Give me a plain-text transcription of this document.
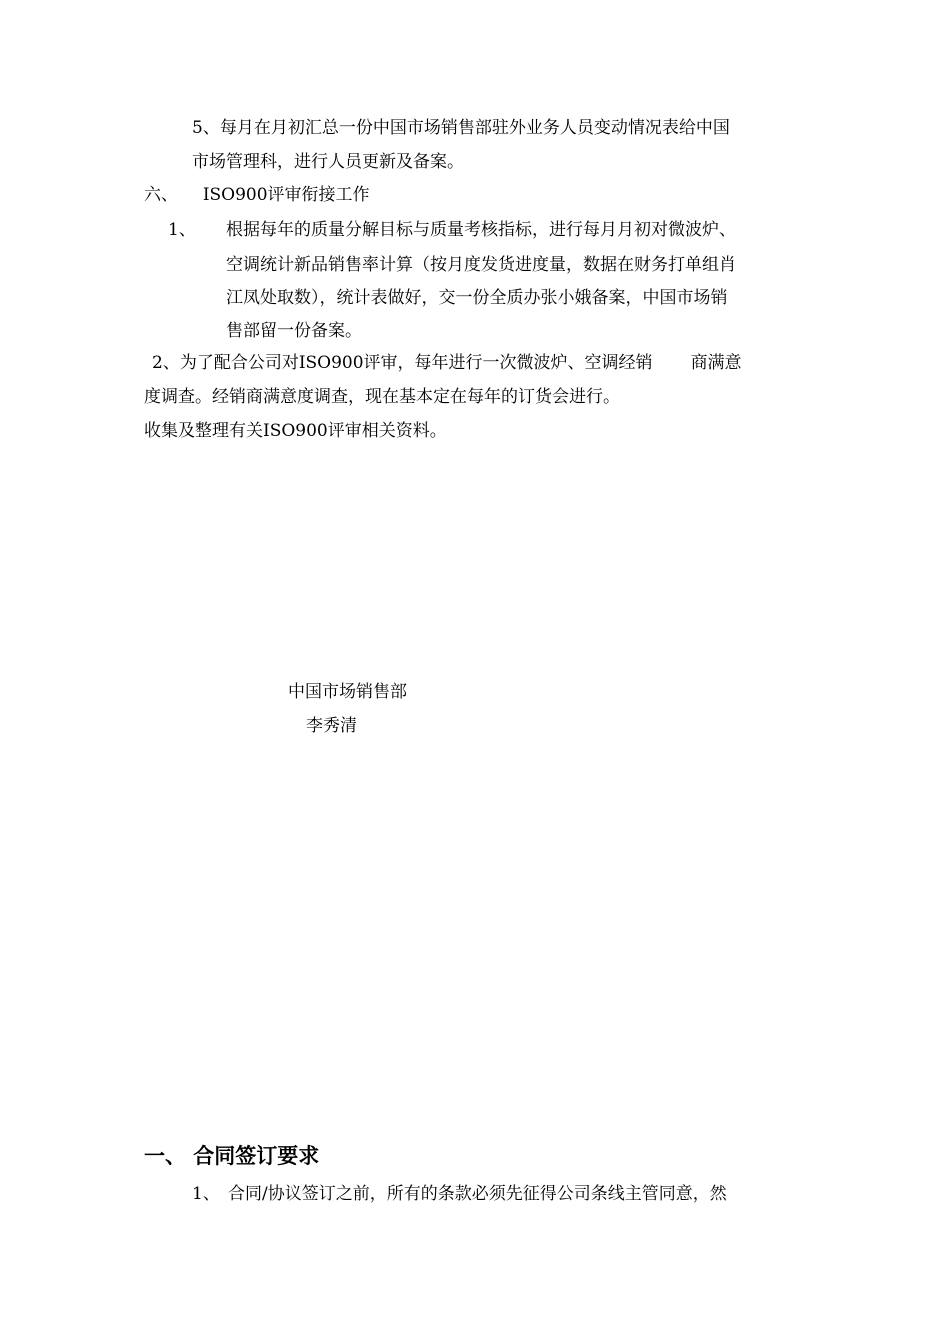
5、每月在月初汇总一份中国市场销售部驻外业务人员变动情况表给中国
市场管理科，进行人员更新及备案。
六、 ISO900评审衔接工作
1、 根据每年的质量分解目标与质量考核指标，进行每月月初对微波炉、
空调统计新品销售率计算（按月度发货进度量，数据在财务打单组肖
江凤处取数），统计表做好，交一份全质办张小娥备案，中国市场销
售部留一份备案。
2、为了配合公司对ISO900评审，每年进行一次微波炉、空调经销 商满意
度调查。经销商满意度调查，现在基本定在每年的订货会进行。
收集及整理有关ISO900评审相关资料。
中国市场销售部
李秀清
一、 合同签订要求
1、 合同/协议签订之前，所有的条款必须先征得公司条线主管同意，然
